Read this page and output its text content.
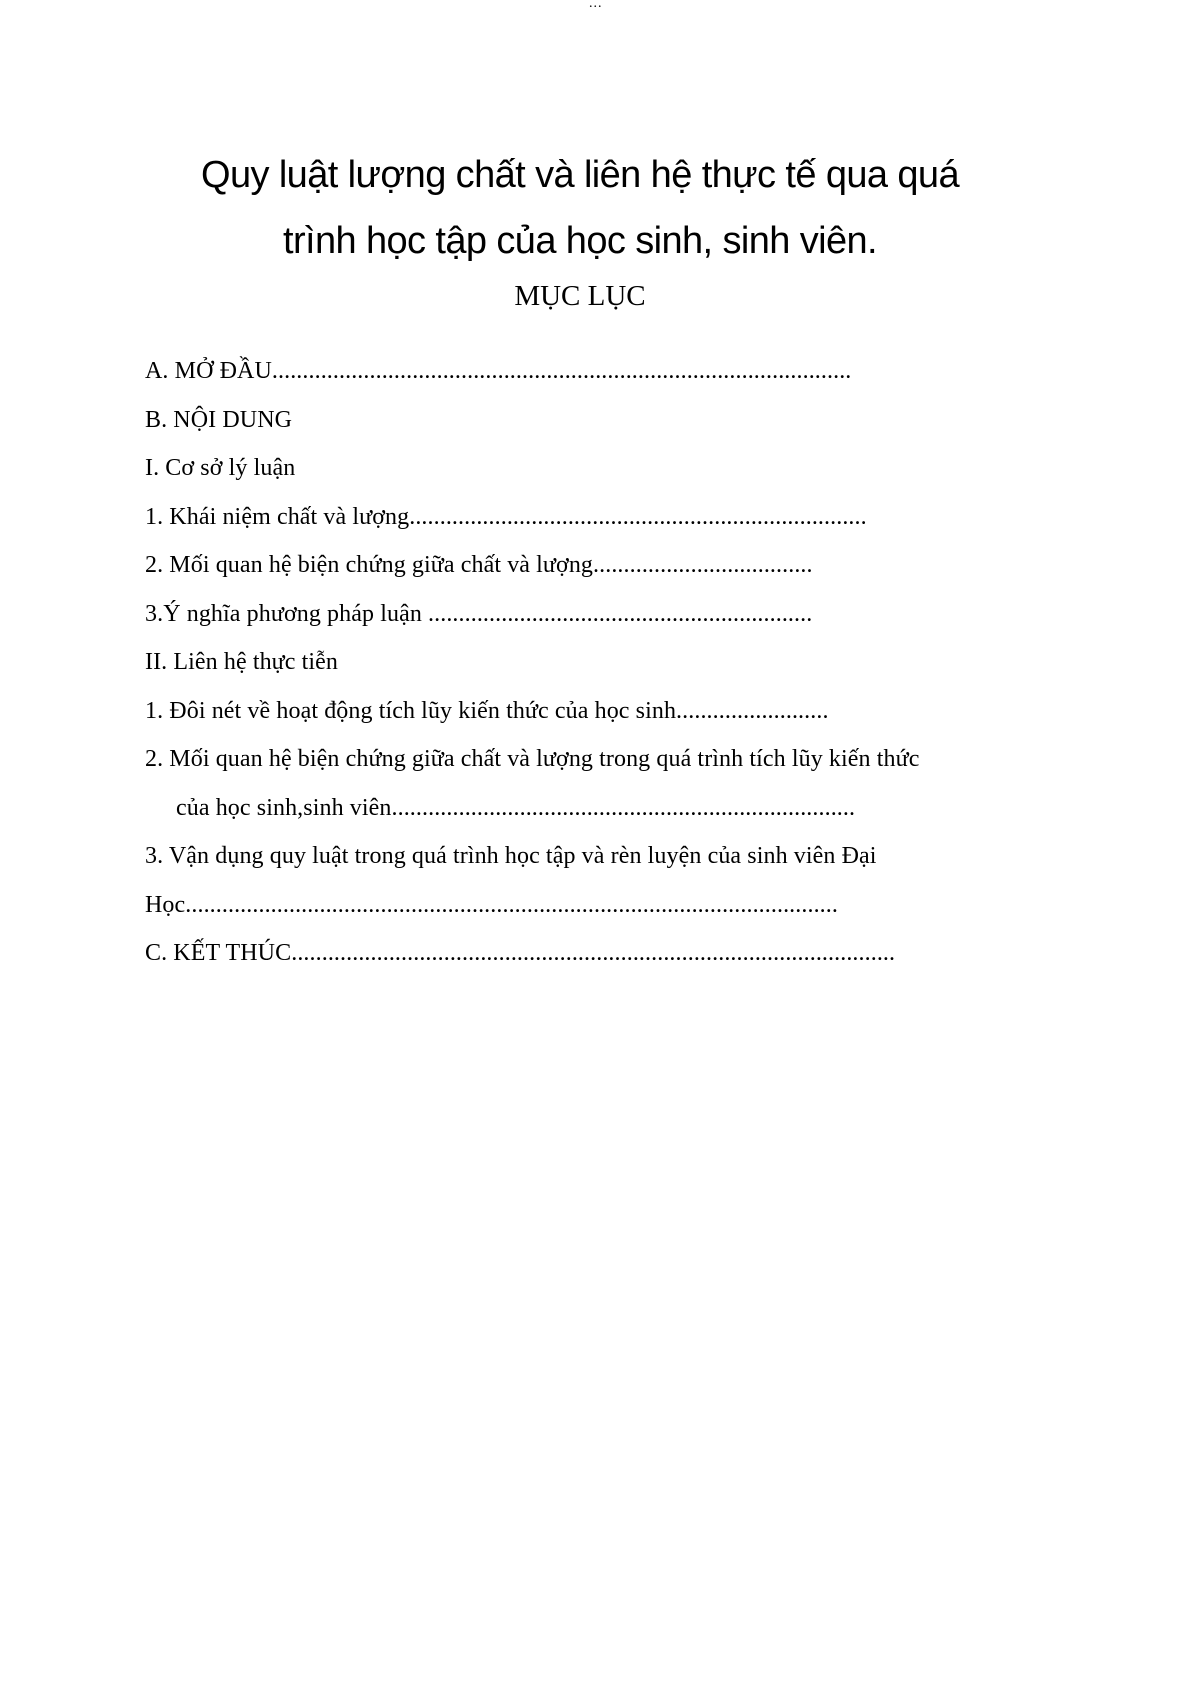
...
Quy luật lượng chất và liên hệ thực tế qua quá
trình học tập của học sinh, sinh viên.
MỤC LỤC
A. MỞ ĐẦU...............................................................................................
B. NỘI DUNG
I. Cơ sở lý luận
1. Khái niệm chất và lượng...........................................................................
2. Mối quan hệ biện chứng giữa chất và lượng....................................
3.Ý nghĩa phương pháp luận ...............................................................
II. Liên hệ thực tiễn
1. Đôi nét về hoạt động tích lũy kiến thức của học sinh.........................
2. Mối quan hệ biện chứng giữa chất và lượng trong quá trình tích lũy kiến thức
của học sinh,sinh viên............................................................................
3. Vận dụng quy luật trong quá trình học tập và rèn luyện của sinh viên Đại
Học...........................................................................................................
C. KẾT THÚC...................................................................................................
